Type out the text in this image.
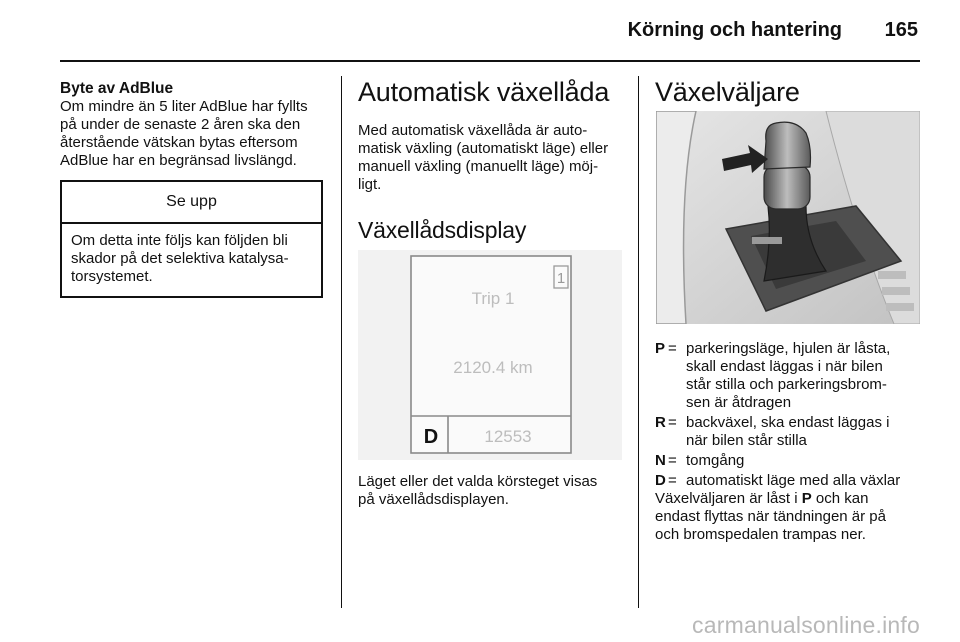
Körning och hantering 165
Byte av AdBlue

Om mindre än 5 liter AdBlue har fyllts
på under de senaste 2 åren ska den
återstående vätskan bytas eftersom
AdBlue har en begränsad livslängd.

Se upp
Om detta inte följs kan följden bli
skador på det selektiva katalysa-
torsystemet.
Automatisk växellåda

Med automatisk växellåda är auto-
matisk växling (automatiskt läge) eller
manuell växling (manuellt läge) möj-
ligt.

Växellådsdisplay
1
Trip 1
2120.4 km
D	12553

Läget eller det valda körsteget visas
på växellådsdisplayen.

Växelväljare
P = parkeringsläge, hjulen är låsta,
skall endast läggas i när bilen
står stilla och parkeringsbrom-
sen är åtdragen
R = backväxel, ska endast läggas i
när bilen står stilla
N = tomgång
D = automatiskt läge med alla växlar

Växelväljaren är låst i P och kan
endast flyttas när tändningen är på
och bromspedalen trampas ner.

carmanualsonline.info
